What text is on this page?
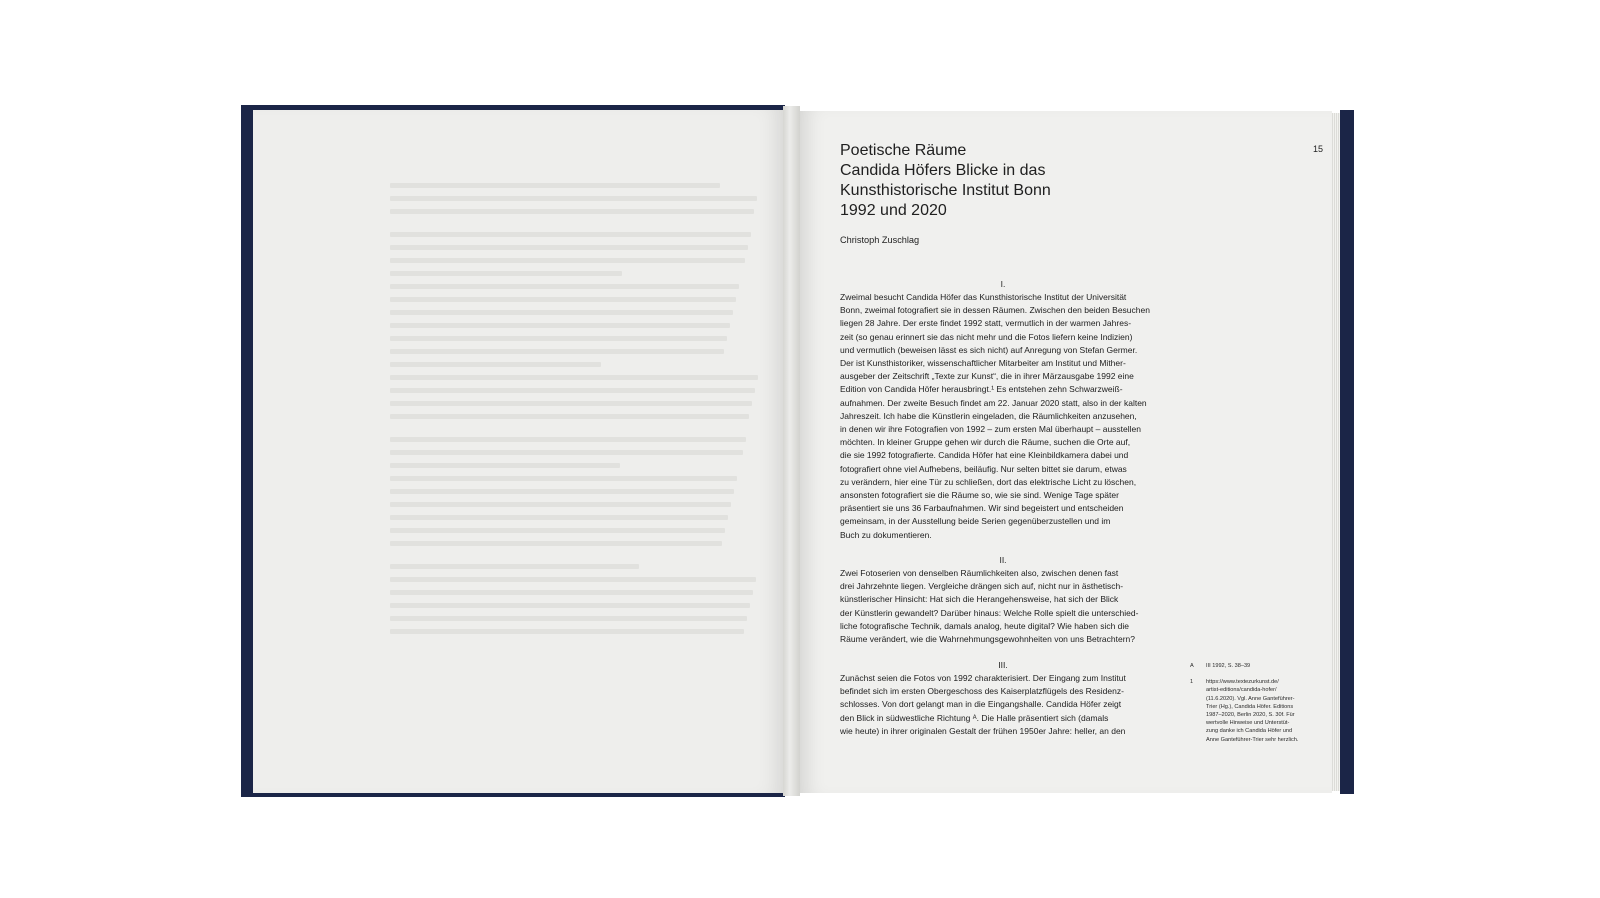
Poetische Räume
Candida Höfers Blicke in das
Kunsthistorische Institut Bonn
1992 und 2020
Christoph Zuschlag
15
I.
Zweimal besucht Candida Höfer das Kunsthistorische Institut der Universität
Bonn, zweimal fotografiert sie in dessen Räumen. Zwischen den beiden Besuchen
liegen 28 Jahre. Der erste findet 1992 statt, vermutlich in der warmen Jahres-
zeit (so genau erinnert sie das nicht mehr und die Fotos liefern keine Indizien)
und vermutlich (beweisen lässt es sich nicht) auf Anregung von Stefan Germer.
Der ist Kunsthistoriker, wissenschaftlicher Mitarbeiter am Institut und Mither-
ausgeber der Zeitschrift „Texte zur Kunst“, die in ihrer Märzausgabe 1992 eine
Edition von Candida Höfer herausbringt.¹ Es entstehen zehn Schwarzweiß-
aufnahmen. Der zweite Besuch findet am 22. Januar 2020 statt, also in der kalten
Jahreszeit. Ich habe die Künstlerin eingeladen, die Räumlichkeiten anzusehen,
in denen wir ihre Fotografien von 1992 – zum ersten Mal überhaupt – ausstellen
möchten. In kleiner Gruppe gehen wir durch die Räume, suchen die Orte auf,
die sie 1992 fotografierte. Candida Höfer hat eine Kleinbildkamera dabei und
fotografiert ohne viel Aufhebens, beiläufig. Nur selten bittet sie darum, etwas
zu verändern, hier eine Tür zu schließen, dort das elektrische Licht zu löschen,
ansonsten fotografiert sie die Räume so, wie sie sind. Wenige Tage später
präsentiert sie uns 36 Farbaufnahmen. Wir sind begeistert und entscheiden
gemeinsam, in der Ausstellung beide Serien gegenüberzustellen und im
Buch zu dokumentieren.
II.
Zwei Fotoserien von denselben Räumlichkeiten also, zwischen denen fast
drei Jahrzehnte liegen. Vergleiche drängen sich auf, nicht nur in ästhetisch-
künstlerischer Hinsicht: Hat sich die Herangehensweise, hat sich der Blick
der Künstlerin gewandelt? Darüber hinaus: Welche Rolle spielt die unterschied-
liche fotografische Technik, damals analog, heute digital? Wie haben sich die
Räume verändert, wie die Wahrnehmungsgewohnheiten von uns Betrachtern?
III.
Zunächst seien die Fotos von 1992 charakterisiert. Der Eingang zum Institut
befindet sich im ersten Obergeschoss des Kaiserplatzflügels des Residenz-
schlosses. Von dort gelangt man in die Eingangshalle. Candida Höfer zeigt
den Blick in südwestliche Richtung ᴬ. Die Halle präsentiert sich (damals
wie heute) in ihrer originalen Gestalt der frühen 1950er Jahre: heller, an den
A	III 1992, S. 38–39
1	https://www.textezurkunst.de/
artist-editions/candida-hofer/
(11.6.2020). Vgl. Anne Ganteführer-
Trier (Hg.), Candida Höfer. Editions
1987–2020, Berlin 2020, S. 30f. Für
wertvolle Hinweise und Unterstüt-
zung danke ich Candida Höfer und
Anne Ganteführer-Trier sehr herzlich.
